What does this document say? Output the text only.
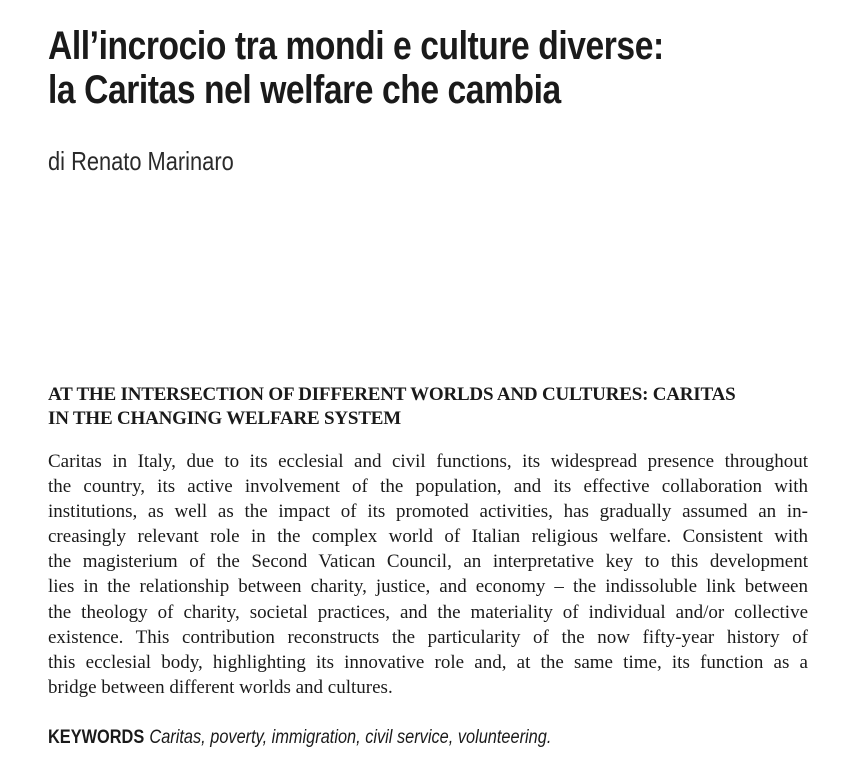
All’incrocio tra mondi e culture diverse:
la Caritas nel welfare che cambia

di Renato Marinaro

AT THE INTERSECTION OF DIFFERENT WORLDS AND CULTURES: CARITAS
IN THE CHANGING WELFARE SYSTEM

Caritas in Italy, due to its ecclesial and civil functions, its widespread presence throughout
the country, its active involvement of the population, and its effective collaboration with
institutions, as well as the impact of its promoted activities, has gradually assumed an in-
creasingly relevant role in the complex world of Italian religious welfare. Consistent with
the magisterium of the Second Vatican Council, an interpretative key to this development
lies in the relationship between charity, justice, and economy – the indissoluble link between
the theology of charity, societal practices, and the materiality of individual and/or collective
existence. This contribution reconstructs the particularity of the now fifty-year history of
this ecclesial body, highlighting its innovative role and, at the same time, its function as a
bridge between different worlds and cultures.

KEYWORDS Caritas, poverty, immigration, civil service, volunteering.
